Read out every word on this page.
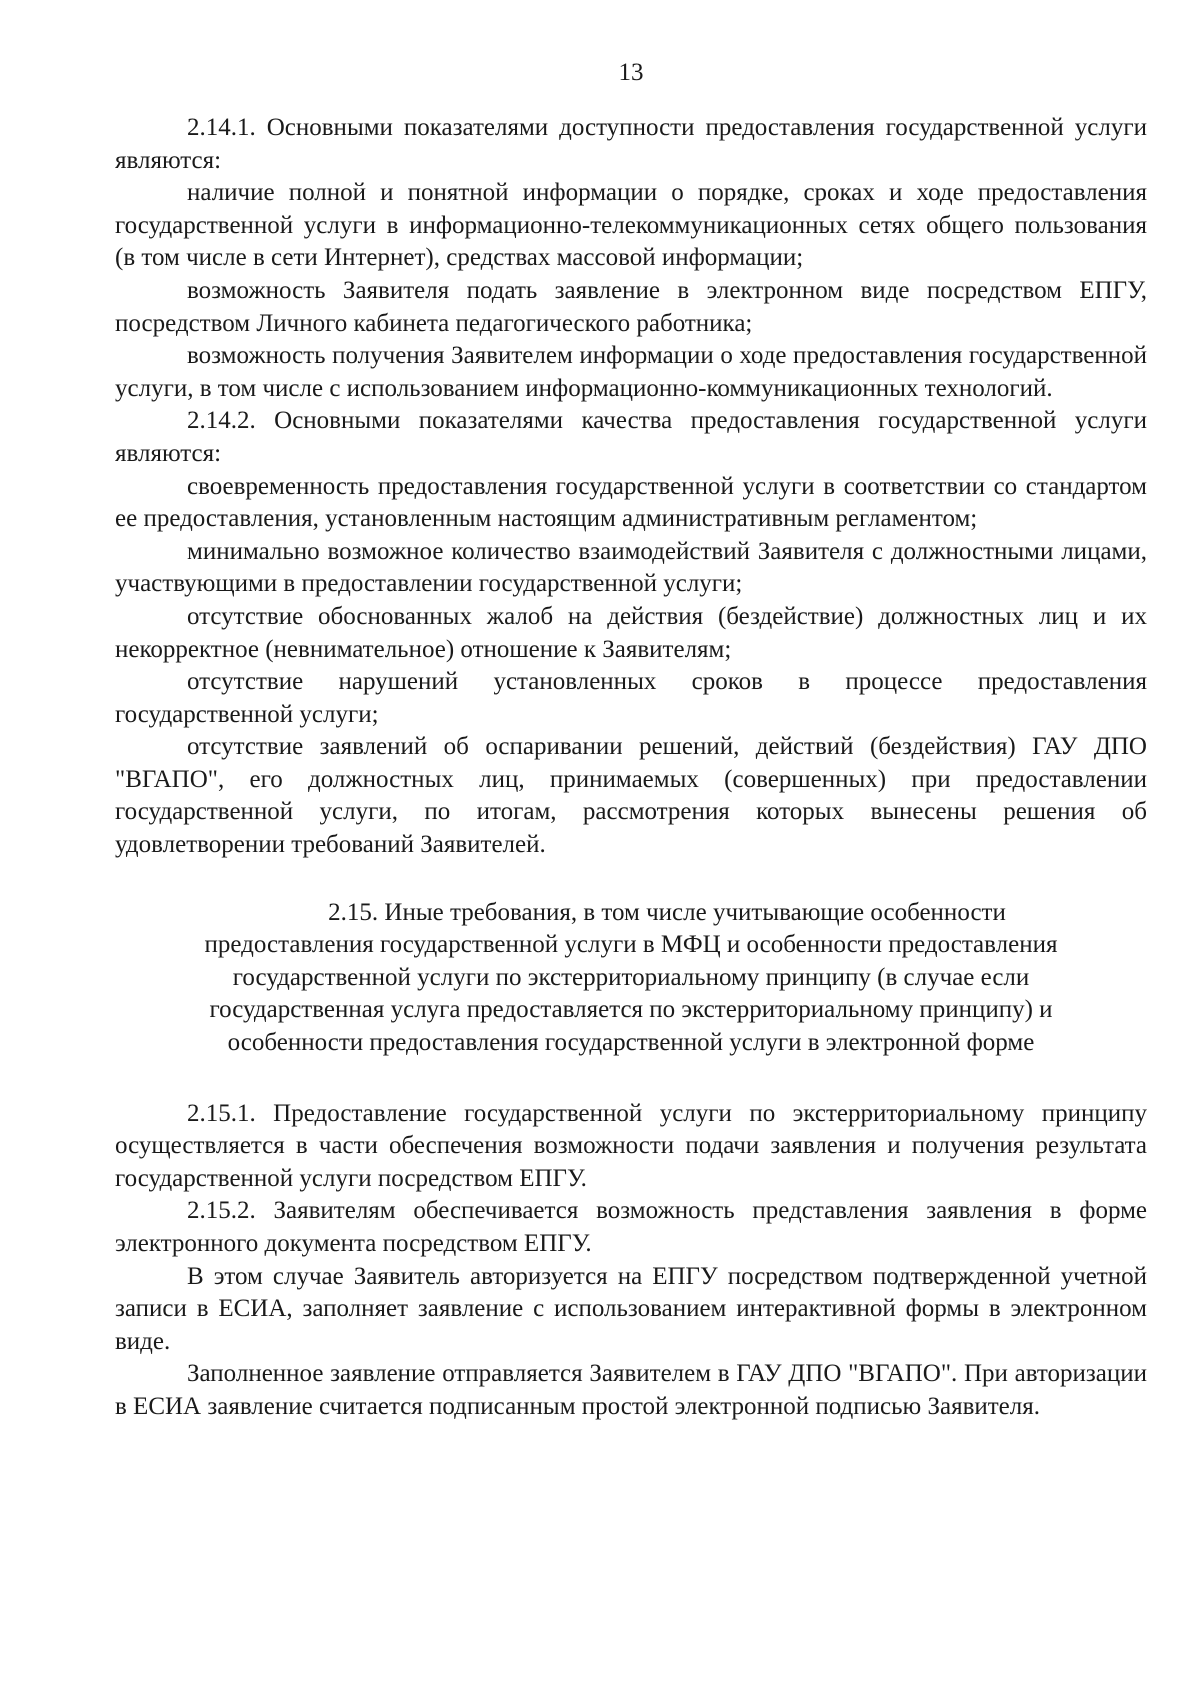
13

2.14.1. Основными показателями доступности предоставления государственной услуги являются:

наличие полной и понятной информации о порядке, сроках и ходе предоставления государственной услуги в информационно-телекоммуникационных сетях общего пользования (в том числе в сети Интернет), средствах массовой информации;

возможность Заявителя подать заявление в электронном виде посредством ЕПГУ, посредством Личного кабинета педагогического работника;

возможность получения Заявителем информации о ходе предоставления государственной услуги, в том числе с использованием информационно-коммуникационных технологий.

2.14.2. Основными показателями качества предоставления государственной услуги являются:

своевременность предоставления государственной услуги в соответствии со стандартом ее предоставления, установленным настоящим административным регламентом;

минимально возможное количество взаимодействий Заявителя с должностными лицами, участвующими в предоставлении государственной услуги;

отсутствие обоснованных жалоб на действия (бездействие) должностных лиц и их некорректное (невнимательное) отношение к Заявителям;

отсутствие нарушений установленных сроков в процессе предоставления государственной услуги;

отсутствие заявлений об оспаривании решений, действий (бездействия) ГАУ ДПО "ВГАПО", его должностных лиц, принимаемых (совершенных) при предоставлении государственной услуги, по итогам, рассмотрения которых вынесены решения об удовлетворении требований Заявителей.

2.15. Иные требования, в том числе учитывающие особенности
предоставления государственной услуги в МФЦ и особенности предоставления
государственной услуги по экстерриториальному принципу (в случае если
государственная услуга предоставляется по экстерриториальному принципу) и
особенности предоставления государственной услуги в электронной форме

2.15.1. Предоставление государственной услуги по экстерриториальному принципу осуществляется в части обеспечения возможности подачи заявления и получения результата государственной услуги посредством ЕПГУ.

2.15.2. Заявителям обеспечивается возможность представления заявления в форме электронного документа посредством ЕПГУ.

В этом случае Заявитель авторизуется на ЕПГУ посредством подтвержденной учетной записи в ЕСИА, заполняет заявление с использованием интерактивной формы в электронном виде.

Заполненное заявление отправляется Заявителем в ГАУ ДПО "ВГАПО". При авторизации в ЕСИА заявление считается подписанным простой электронной подписью Заявителя.
